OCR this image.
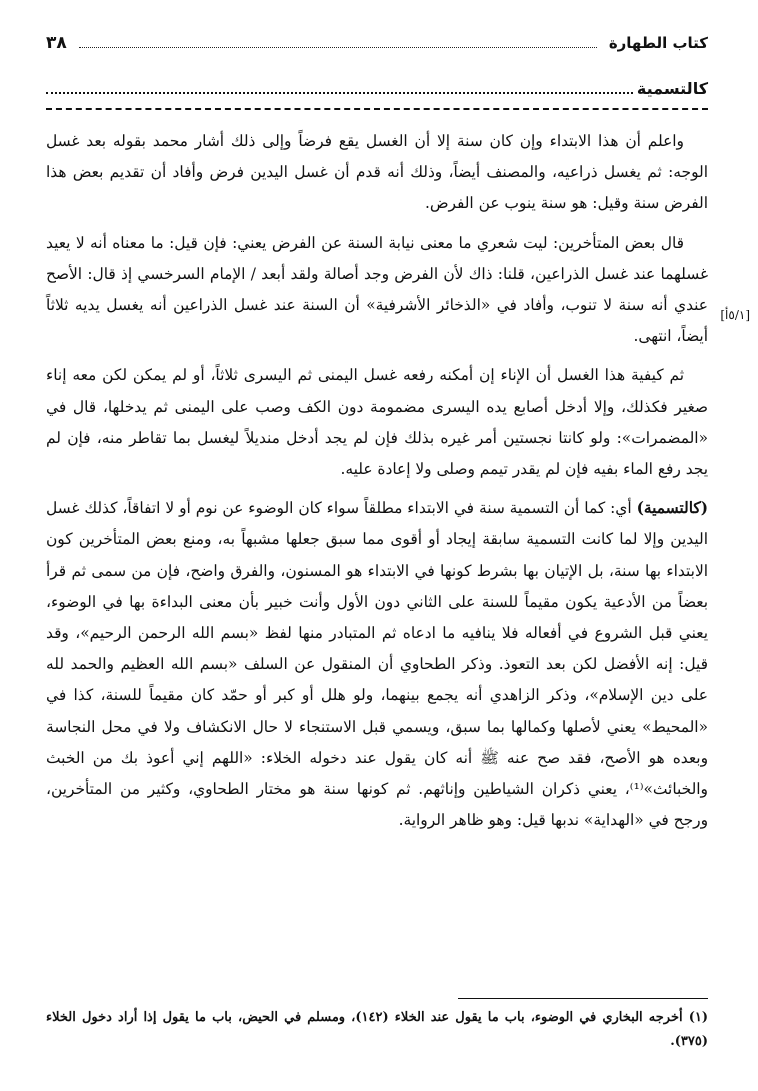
٣٨	كتاب الطهارة
كالتسمية
[٥/١أ]

واعلم أن هذا الابتداء وإن كان سنة إلا أن الغسل يقع فرضاً وإلى ذلك أشار محمد بقوله بعد غسل الوجه: ثم يغسل ذراعيه، والمصنف أيضاً، وذلك أنه قدم أن غسل اليدين فرض وأفاد أن تقديم بعض هذا الفرض سنة وقيل: هو سنة ينوب عن الفرض.

قال بعض المتأخرين: ليت شعري ما معنى نيابة السنة عن الفرض يعني: فإن قيل: ما معناه أنه لا يعيد غسلهما عند غسل الذراعين، قلنا: ذاك لأن الفرض وجد أصالة ولقد أبعد / الإمام السرخسي إذ قال: الأصح عندي أنه سنة لا تنوب، وأفاد في «الذخائر الأشرفية» أن السنة عند غسل الذراعين أنه يغسل يديه ثلاثاً أيضاً، انتهى.

ثم كيفية هذا الغسل أن الإناء إن أمكنه رفعه غسل اليمنى ثم اليسرى ثلاثاً، أو لم يمكن لكن معه إناء صغير فكذلك، وإلا أدخل أصابع يده اليسرى مضمومة دون الكف وصب على اليمنى ثم يدخلها، قال في «المضمرات»: ولو كانتا نجستين أمر غيره بذلك فإن لم يجد أدخل منديلاً ليغسل بما تقاطر منه، فإن لم يجد رفع الماء بفيه فإن لم يقدر تيمم وصلى ولا إعادة عليه.

(كالتسمية) أي: كما أن التسمية سنة في الابتداء مطلقاً سواء كان الوضوء عن نوم أو لا اتفاقاً، كذلك غسل اليدين وإلا لما كانت التسمية سابقة إيجاد أو أقوى مما سبق جعلها مشبهاً به، ومنع بعض المتأخرين كون الابتداء بها سنة، بل الإتيان بها بشرط كونها في الابتداء هو المسنون، والفرق واضح، فإن من سمى ثم قرأ بعضاً من الأدعية يكون مقيماً للسنة على الثاني دون الأول وأنت خبير بأن معنى البداءة بها في الوضوء، يعني قبل الشروع في أفعاله فلا ينافيه ما ادعاه ثم المتبادر منها لفظ «بسم الله الرحمن الرحيم»، وقد قيل: إنه الأفضل لكن بعد التعوذ. وذكر الطحاوي أن المنقول عن السلف «بسم الله العظيم والحمد لله على دين الإسلام»، وذكر الزاهدي أنه يجمع بينهما، ولو هلل أو كبر أو حمّد كان مقيماً للسنة، كذا في «المحيط» يعني لأصلها وكمالها بما سبق، ويسمي قبل الاستنجاء لا حال الانكشاف ولا في محل النجاسة وبعده هو الأصح، فقد صح عنه ﷺ أنه كان يقول عند دخوله الخلاء: «اللهم إني أعوذ بك من الخبث والخبائث»⁽¹⁾، يعني ذكران الشياطين وإناثهم. ثم كونها سنة هو مختار الطحاوي، وكثير من المتأخرين، ورجح في «الهداية» ندبها قيل: وهو ظاهر الرواية.

(١) أخرجه البخاري في الوضوء، باب ما يقول عند الخلاء (١٤٢)، ومسلم في الحيض، باب ما يقول إذا أراد دخول الخلاء (٣٧٥).
